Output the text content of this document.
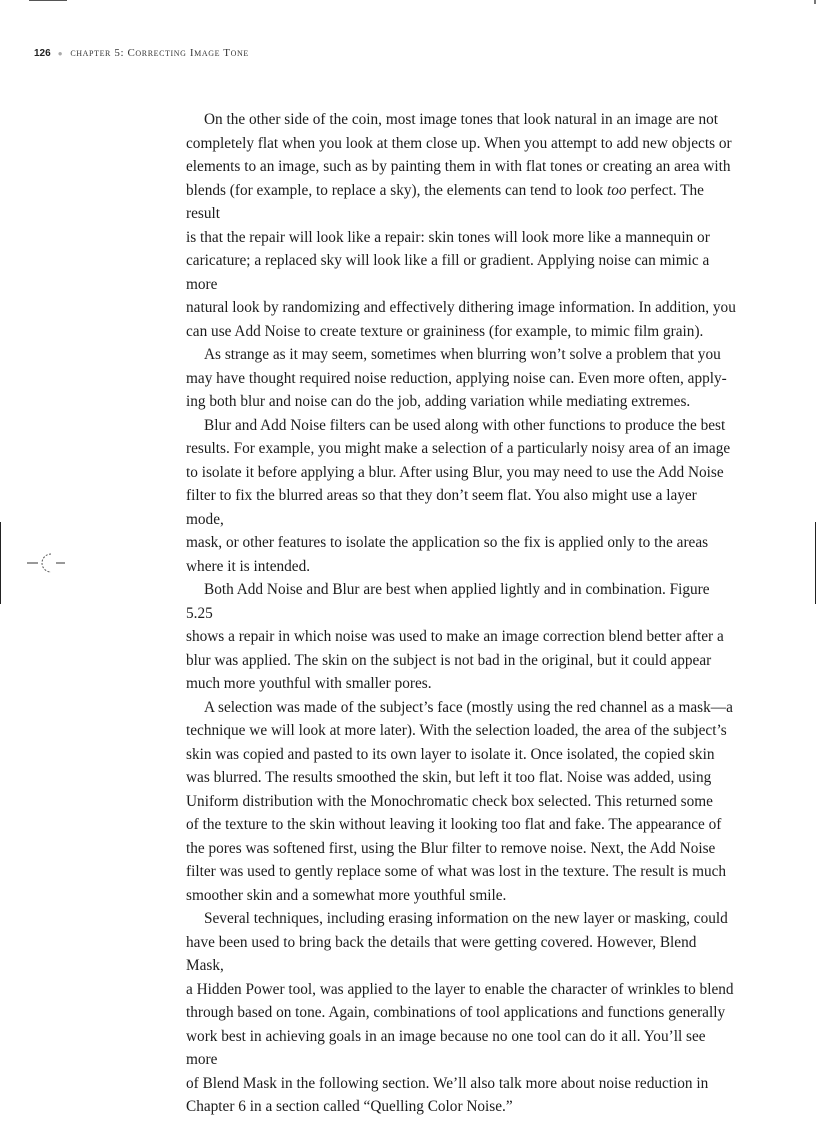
126 ● chapter 5: Correcting Image Tone

On the other side of the coin, most image tones that look natural in an image are not
completely flat when you look at them close up. When you attempt to add new objects or
elements to an image, such as by painting them in with flat tones or creating an area with
blends (for example, to replace a sky), the elements can tend to look too perfect. The result
is that the repair will look like a repair: skin tones will look more like a mannequin or
caricature; a replaced sky will look like a fill or gradient. Applying noise can mimic a more
natural look by randomizing and effectively dithering image information. In addition, you
can use Add Noise to create texture or graininess (for example, to mimic film grain).

As strange as it may seem, sometimes when blurring won’t solve a problem that you
may have thought required noise reduction, applying noise can. Even more often, apply-
ing both blur and noise can do the job, adding variation while mediating extremes.

Blur and Add Noise filters can be used along with other functions to produce the best
results. For example, you might make a selection of a particularly noisy area of an image
to isolate it before applying a blur. After using Blur, you may need to use the Add Noise
filter to fix the blurred areas so that they don’t seem flat. You also might use a layer mode,
mask, or other features to isolate the application so the fix is applied only to the areas
where it is intended.

Both Add Noise and Blur are best when applied lightly and in combination. Figure 5.25
shows a repair in which noise was used to make an image correction blend better after a
blur was applied. The skin on the subject is not bad in the original, but it could appear
much more youthful with smaller pores.

A selection was made of the subject’s face (mostly using the red channel as a mask—a
technique we will look at more later). With the selection loaded, the area of the subject’s
skin was copied and pasted to its own layer to isolate it. Once isolated, the copied skin
was blurred. The results smoothed the skin, but left it too flat. Noise was added, using
Uniform distribution with the Monochromatic check box selected. This returned some
of the texture to the skin without leaving it looking too flat and fake. The appearance of
the pores was softened first, using the Blur filter to remove noise. Next, the Add Noise
filter was used to gently replace some of what was lost in the texture. The result is much
smoother skin and a somewhat more youthful smile.

Several techniques, including erasing information on the new layer or masking, could
have been used to bring back the details that were getting covered. However, Blend Mask,
a Hidden Power tool, was applied to the layer to enable the character of wrinkles to blend
through based on tone. Again, combinations of tool applications and functions generally
work best in achieving goals in an image because no one tool can do it all. You’ll see more
of Blend Mask in the following section. We’ll also talk more about noise reduction in
Chapter 6 in a section called “Quelling Color Noise.”
